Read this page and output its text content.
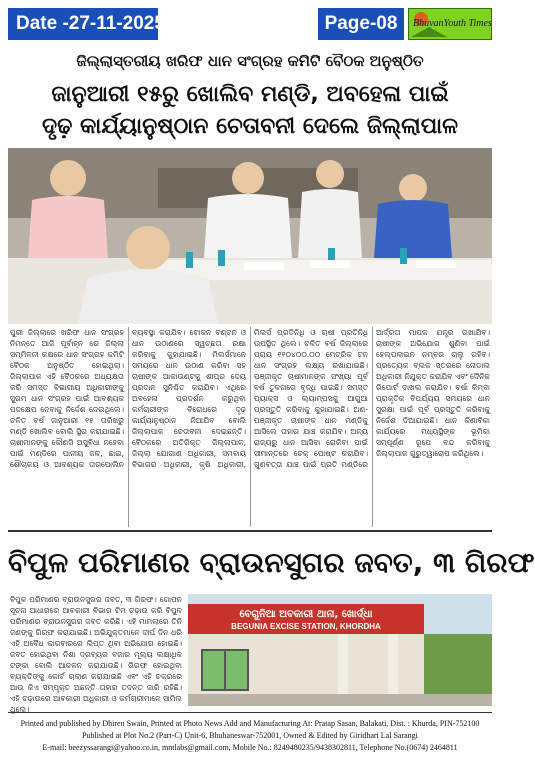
Date -27-11-2025	Page-08	BhuvanYouth Times
ଜିଲ୍ଲାସ୍ତରୀୟ ଖରିଫ ଧାନ ସଂଗ୍ରହ କମିଟି ବୈଠକ ଅନୁଷ୍ଠିତ
ଜାନୁଆରୀ ୧୫ରୁ ଖୋଲିବ ମଣ୍ଡି, ଅବହେଳା ପାଇଁ
ଦୃଢ଼ କାର୍ଯ୍ୟାନୁଷ୍ଠାନ ଚେତାବନୀ ଦେଲେ ଜିଲ୍ଲାପାଳ
ପୁରୀ ଜିଲ୍ଲାରେ ଖରିଫ ଧାନ ସଂଗ୍ରହ ନିମନ୍ତେ ଆଜି ପୂର୍ବାହ୍ନ ରେ ଜିଲ୍ଲା ସମ୍ମିଳନୀ କକ୍ଷରେ ଧାନ ସଂଗ୍ରହ କମିଟି ବୈଠକ ଅନୁଷ୍ଠିତ ହୋଇଥିଲା। ଜିଲ୍ଲାପାଳ ଏହି ବୈଠକରେ ଅଧ୍ୟକ୍ଷତା କରି ସମସ୍ତ ବିଭାଗୀୟ ଅଧିକାରୀଙ୍କୁ ସୁଗମ ଧାନ ସଂଗ୍ରହ ପାଇଁ ଆବଶ୍ୟକ ପଦକ୍ଷେପ ନେବାକୁ ନିର୍ଦ୍ଦେଶ ଦେଇଥିଲେ। ଚଳିତ ବର୍ଷ ଜାନୁଆରୀ ୧୫ ତାରିଖରୁ ମଣ୍ଡି ଖୋଲିବ ବୋଲି ସ୍ଥିର କରାଯାଇଛି। ଚାଷୀମାନଙ୍କୁ କୌଣସି ଅସୁବିଧା ନହେବା ପାଇଁ ମଣ୍ଡିରେ ପାନୀୟ ଜଳ, ଛାଇ, ଶୌଚାଳୟ ଓ ଆବଶ୍ୟକ ତାରପୋଲିନ ବ୍ୟବସ୍ଥା କରାଯିବ। ଟୋକନ ବଣ୍ଟନ ଓ ଧାନ ଉଠାଣରେ ସ୍ୱଚ୍ଛତା ରକ୍ଷା କରିବାକୁ କୁହାଯାଇଛି। ମିଲର୍ସମାନେ ସମୟରେ ଧାନ ଉଠାଣ କରିବା ସହ ଚାଷୀଙ୍କ ଆକାଉଣ୍ଟକୁ ଶୀଘ୍ର ଦେୟ ପ୍ରଦାନ ସୁନିଶ୍ଚିତ କରାଯିବ। ଏଥିରେ ଅବହେଳା ପ୍ରଦର୍ଶନ କରୁଥିବା କର୍ମଚାରୀଙ୍କ ବିରୋଧରେ ଦୃଢ଼ କାର୍ଯ୍ୟାନୁଷ୍ଠାନ ନିଆଯିବ ବୋଲି ଜିଲ୍ଲାପାଳ ଚେତାବନୀ ଦେଇଛନ୍ତି। ବୈଠକରେ ଅତିରିକ୍ତ ଜିଲ୍ଲାପାଳ, ଜିଲ୍ଲା ଯୋଗାଣ ଅଧିକାରୀ, ସମବାୟ ବିଭାଗର ଅଧିକାରୀ, କୃଷି ଅଧିକାରୀ, ମିଲର୍ସ ପ୍ରତିନିଧି ଓ ଚାଷୀ ପ୍ରତିନିଧି ଉପସ୍ଥିତ ଥିଲେ। ଚଳିତ ବର୍ଷ ଜିଲ୍ଲାରେ ପ୍ରାୟ ୧୧୦୪୦୦.୦୦ ମେଟ୍ରିକ ଟନ ଧାନ ସଂଗ୍ରହ ଲକ୍ଷ୍ୟ ରଖାଯାଇଛି। ପଞ୍ଜୀକୃତ ଚାଷୀମାନଙ୍କ ସଂଖ୍ୟା ପୂର୍ବ ବର୍ଷ ତୁଳନାରେ ବୃଦ୍ଧି ପାଇଛି। ସମସ୍ତ ପ୍ୟାକ୍ସ ଓ ଲ୍ୟାମ୍ପସକୁ ଆଗୁଆ ପ୍ରସ୍ତୁତି କରିବାକୁ କୁହାଯାଇଛି। ଅଣ-ପଞ୍ଜୀକୃତ ଚାଷୀଙ୍କ ଧାନ ମଣ୍ଡିକୁ ଆସିଲେ ତାହାର ଯାଞ୍ଚ କରାଯିବ। ଅନ୍ୟ ରାଜ୍ୟରୁ ଧାନ ଆସିବା ରୋକିବା ପାଇଁ ସୀମାନ୍ତରେ ଚେକ୍ ପୋଷ୍ଟ କରାଯିବ। ଗୁଣବତ୍ତା ଯାଞ୍ଚ ପାଇଁ ପ୍ରତି ମଣ୍ଡିରେ ଆର୍ଦ୍ରତା ମାପକ ଯନ୍ତ୍ର ରଖାଯିବ। ଚାଷୀଙ୍କ ଅଭିଯୋଗ ଶୁଣିବା ପାଇଁ ହେଲ୍ପଲାଇନ ନମ୍ବର ଚାଲୁ ରହିବ। ପ୍ରତ୍ୟେକ ବ୍ଲକ ସ୍ତରରେ ନୋଡାଲ ଅଧିକାରୀ ନିଯୁକ୍ତ କରାଯିବ ଏବଂ ଦୈନିକ ରିପୋର୍ଟ ଦାଖଲ କରାଯିବ। ବର୍ଷା କିମ୍ବା ପ୍ରାକୃତିକ ବିପର୍ଯ୍ୟୟ ସମୟରେ ଧାନ ସୁରକ୍ଷା ପାଇଁ ପୂର୍ବ ପ୍ରସ୍ତୁତି କରିବାକୁ ନିର୍ଦ୍ଦେଶ ଦିଆଯାଇଛି। ଧାନ କିଣାବିକା କାର୍ଯ୍ୟରେ ମଧ୍ୟସ୍ଥିଙ୍କ ଭୂମିକା ସମ୍ପୂର୍ଣ୍ଣ ରୂପେ ବନ୍ଦ କରିବାକୁ ଜିଲ୍ଲାପାଳ ଗୁରୁତ୍ୱାରୋପ କରିଥିଲେ।
ବିପୁଳ ପରିମାଣର ବ୍ରାଉନସୁଗର ଜବତ, ୩ ଗିରଫ
ବିପୁଳ ପରିମାଣର ବ୍ରାଉନସୁଗର ଜବତ, ୩ ଗିରଫ। ଗୋପନ ସୂଚନା ଆଧାରରେ ଆବକାରୀ ବିଭାଗ ଟିମ ଚଢ଼ାଉ କରି ବିପୁଳ ପରିମାଣର ବ୍ରାଉନସୁଗର ଜବତ କରିଛି। ଏହି ମାମଲାରେ ତିନି ଜଣଙ୍କୁ ଗିରଫ କରାଯାଇଛି। ଅଭିଯୁକ୍ତମାନେ ଦୀର୍ଘ ଦିନ ଧରି ଏହି ଅବୈଧ କାରବାରରେ ଲିପ୍ତ ଥିବା ଅଭିଯୋଗ ହୋଇଛି। ଜବତ ହୋଇଥିବା ନିଶା ଦ୍ରବ୍ୟର ବଜାର ମୂଲ୍ୟ ଲକ୍ଷାଧିକ ଟଙ୍କା ବୋଲି ଆକଳନ କରାଯାଉଛି। ଗିରଫ ହୋଇଥିବା ବ୍ୟକ୍ତିଙ୍କୁ କୋର୍ଟ ଚାଲାଣ କରାଯାଇଛି ଏବଂ ଏହି ଚକ୍ରରେ ଆଉ କିଏ ସମ୍ପୃକ୍ତ ଅଛନ୍ତି ତାହାର ତଦନ୍ତ ଜାରି ରହିଛି। ଏହି ଚଢ଼ାଉରେ ଆବକାରୀ ଅଧିକାରୀ ଓ କର୍ମଚାରୀମାନେ ସାମିଲ ଥିଲେ।
ବେଗୁନିଆ ଅବକାରୀ ଥାନା, ଖୋର୍ଦ୍ଧା
BEGUNIA EXCISE STATION, KHORDHA
Printed and published by Dhiren Swain, Printed at Photo News Add and Manufacturing At: Pratap Sasan, Balakati, Dist. : Khurda, PIN-752100
Published at Plot No.2 (Part-C) Unit-6, Bhubaneswar-752001, Owned & Edited by Giridhari Lal Sarangi
E-mail: beezyssarangi@yahoo.co.in, mntlabs@gmail.com, Mobile No.: 8249480235/9438302811, Telephone No.(0674) 2464811
